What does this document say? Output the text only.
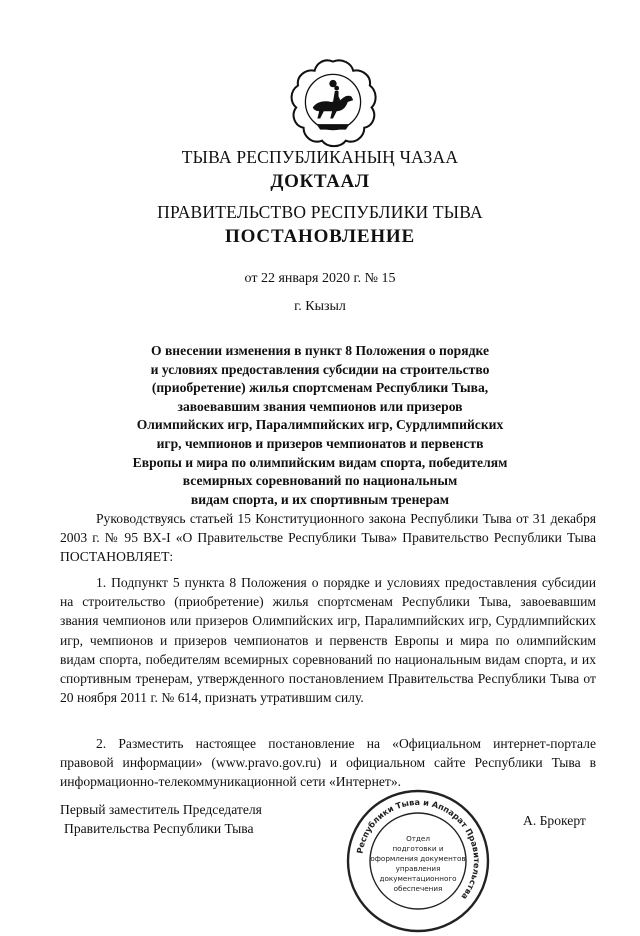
ТЫВА РЕСПУБЛИКАНЫҢ ЧАЗАА
ДОКТААЛ
ПРАВИТЕЛЬСТВО РЕСПУБЛИКИ ТЫВА
ПОСТАНОВЛЕНИЕ
от 22 января 2020 г. № 15
г. Кызыл
О внесении изменения в пункт 8 Положения о порядке
и условиях предоставления субсидии на строительство
(приобретение) жилья спортсменам Республики Тыва,
завоевавшим звания чемпионов или призеров
Олимпийских игр, Паралимпийских игр, Сурдлимпийских
игр, чемпионов и призеров чемпионатов и первенств
Европы и мира по олимпийским видам спорта, победителям
всемирных соревнований по национальным
видам спорта, и их спортивным тренерам

Руководствуясь статьей 15 Конституционного закона Республики Тыва от 31 декабря 2003 г. № 95 ВХ-I «О Правительстве Республики Тыва» Правительство Республики Тыва ПОСТАНОВЛЯЕТ:

1. Подпункт 5 пункта 8 Положения о порядке и условиях предоставления субсидии на строительство (приобретение) жилья спортсменам Республики Тыва, завоевавшим звания чемпионов или призеров Олимпийских игр, Паралимпийских игр, Сурдлимпийских игр, чемпионов и призеров чемпионатов и первенств Европы и мира по олимпийским видам спорта, победителям всемирных соревнований по национальным видам спорта, и их спортивным тренерам, утвержденного постановлением Правительства Республики Тыва от 20 ноября 2011 г. № 614, признать утратившим силу.

2. Разместить настоящее постановление на «Официальном интернет-портале правовой информации» (www.pravo.gov.ru) и официальном сайте Республики Тыва в информационно-телекоммуникационной сети «Интернет».

Первый заместитель Председателя
Правительства Республики Тыва
А. Брокерт
Республики Тыва и Аппарат Правительства
Отдел
подготовки и
оформления документов
управления
документационного
обеспечения
